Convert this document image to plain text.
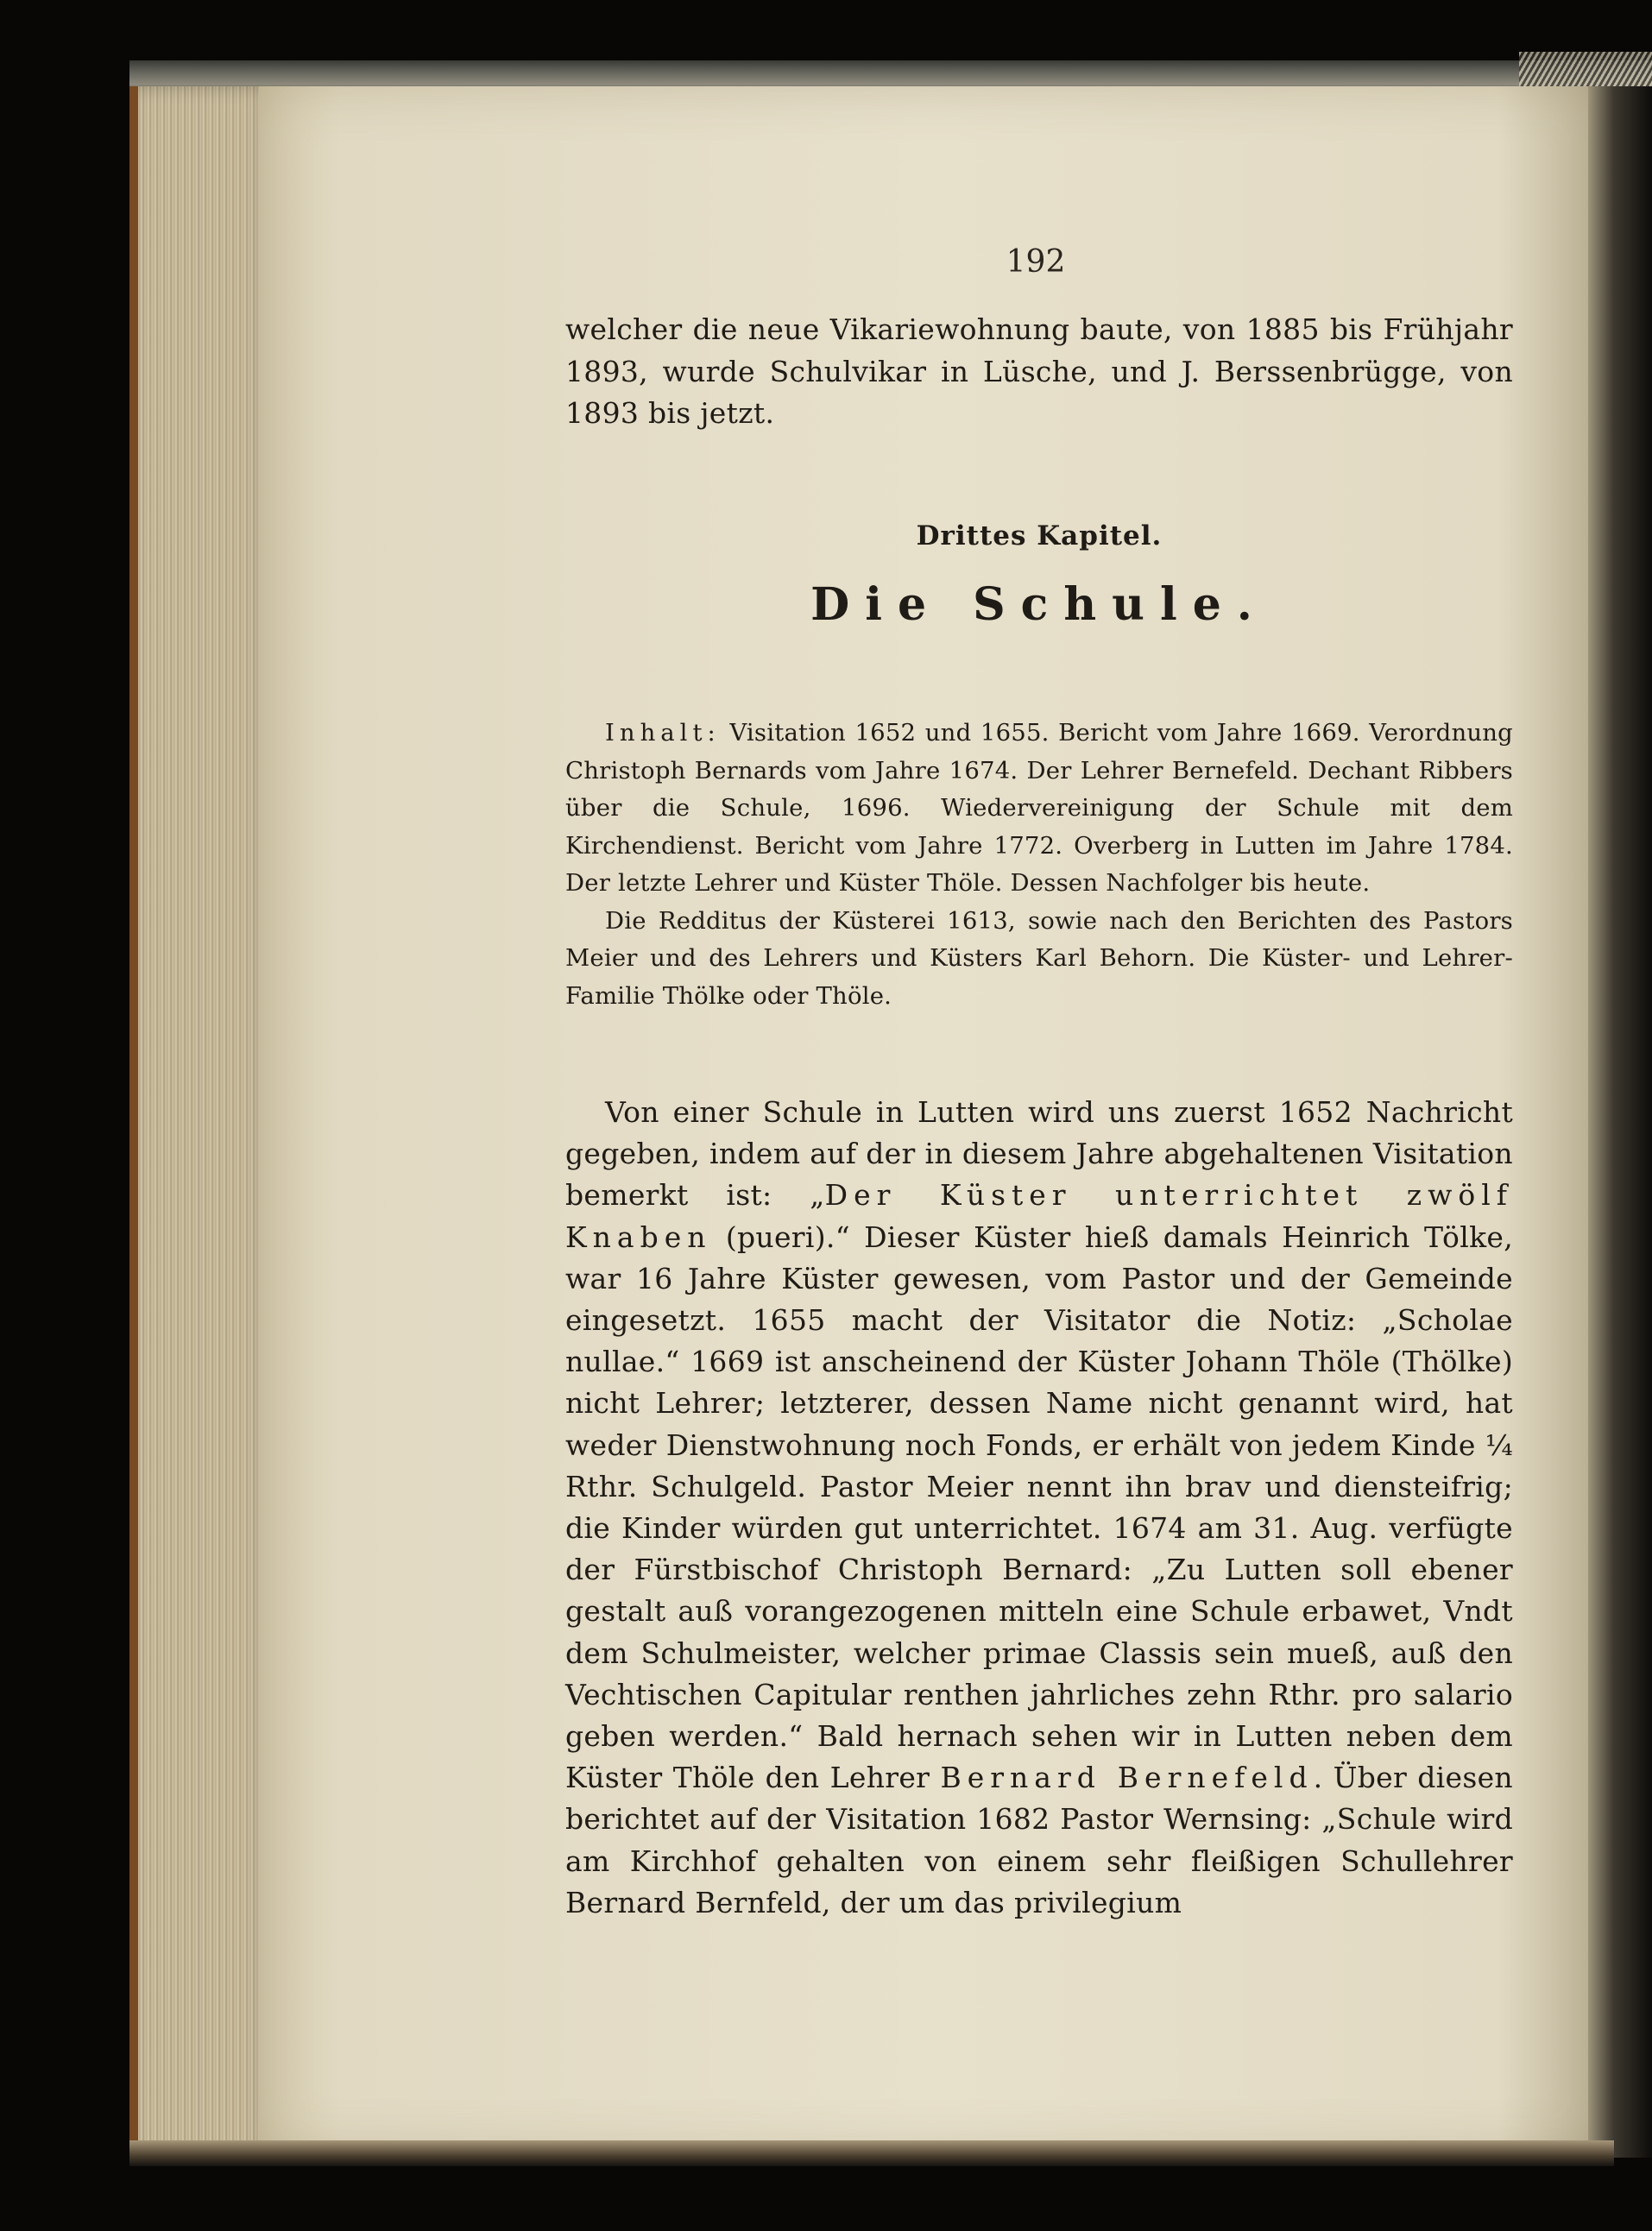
192

welcher die neue Vikariewohnung baute, von 1885 bis Frühjahr 1893, wurde Schulvikar in Lüsche, und J. Berssenbrügge, von 1893 bis jetzt.

Drittes Kapitel.
Die Schule.

Inhalt: Visitation 1652 und 1655. Bericht vom Jahre 1669. Verordnung Christoph Bernards vom Jahre 1674. Der Lehrer Bernefeld. Dechant Ribbers über die Schule, 1696. Wiedervereinigung der Schule mit dem Kirchendienst. Bericht vom Jahre 1772. Overberg in Lutten im Jahre 1784. Der letzte Lehrer und Küster Thöle. Dessen Nachfolger bis heute.

Die Redditus der Küsterei 1613, sowie nach den Berichten des Pastors Meier und des Lehrers und Küsters Karl Behorn. Die Küster- und Lehrer-Familie Thölke oder Thöle.

Von einer Schule in Lutten wird uns zuerst 1652 Nachricht gegeben, indem auf der in diesem Jahre abgehaltenen Visitation bemerkt ist: „Der Küster unterrichtet zwölf Knaben (pueri).“ Dieser Küster hieß damals Heinrich Tölke, war 16 Jahre Küster gewesen, vom Pastor und der Gemeinde eingesetzt. 1655 macht der Visitator die Notiz: „Scholae nullae.“ 1669 ist anscheinend der Küster Johann Thöle (Thölke) nicht Lehrer; letzterer, dessen Name nicht genannt wird, hat weder Dienstwohnung noch Fonds, er erhält von jedem Kinde ¼ Rthr. Schulgeld. Pastor Meier nennt ihn brav und diensteifrig; die Kinder würden gut unterrichtet. 1674 am 31. Aug. verfügte der Fürstbischof Christoph Bernard: „Zu Lutten soll ebener gestalt auß vorangezogenen mitteln eine Schule erbawet, Vndt dem Schulmeister, welcher primae Classis sein mueß, auß den Vechtischen Capitular renthen jahrliches zehn Rthr. pro salario geben werden.“ Bald hernach sehen wir in Lutten neben dem Küster Thöle den Lehrer Bernard Bernefeld. Über diesen berichtet auf der Visitation 1682 Pastor Wernsing: „Schule wird am Kirchhof gehalten von einem sehr fleißigen Schullehrer Bernard Bernfeld, der um das privilegium
